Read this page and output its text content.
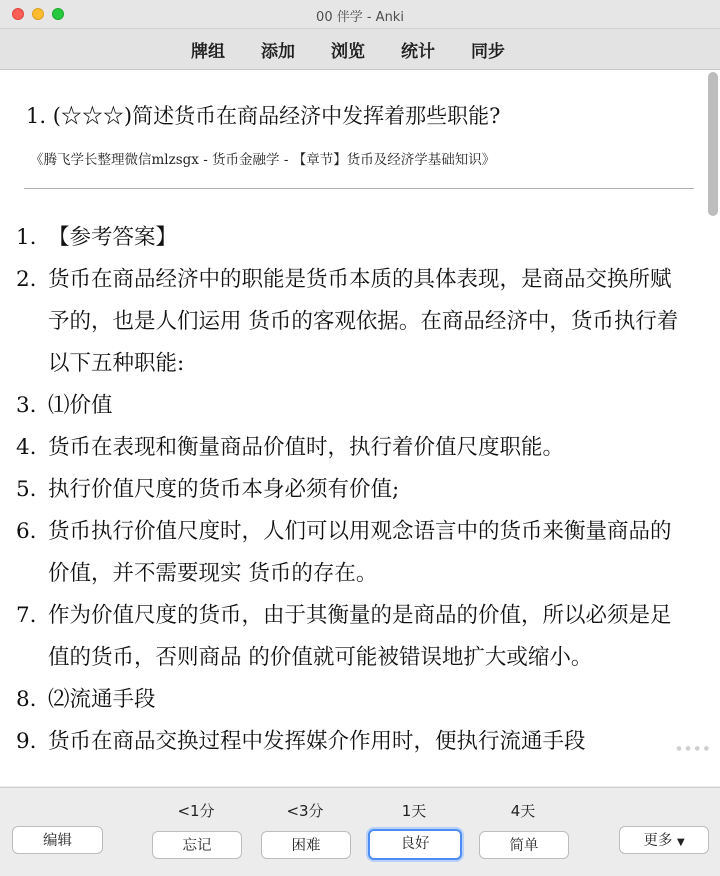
00 伴学 - Anki
牌组 添加 浏览 统计 同步
1. (☆☆☆)简述货币在商品经济中发挥着那些职能?
《腾飞学长整理微信mlzsgx - 货币金融学 - 【章节】货币及经济学基础知识》
1. 【参考答案】
2. 货币在商品经济中的职能是货币本质的具体表现，是商品交换所赋予的，也是人们运用 货币的客观依据。在商品经济中，货币执行着以下五种职能:
3. ⑴价值
4. 货币在表现和衡量商品价值时，执行着价值尺度职能。
5. 执行价值尺度的货币本身必须有价值;
6. 货币执行价值尺度时，人们可以用观念语言中的货币来衡量商品的价值，并不需要现实 货币的存在。
7. 作为价值尺度的货币，由于其衡量的是商品的价值，所以必须是足值的货币，否则商品 的价值就可能被错误地扩大或缩小。
8. ⑵流通手段
9. 货币在商品交换过程中发挥媒介作用时，便执行流通手段	● ● ● ●
<1分	<3分	1天	4天
编辑	忘记	困难	良好	简单	更多 ▼
